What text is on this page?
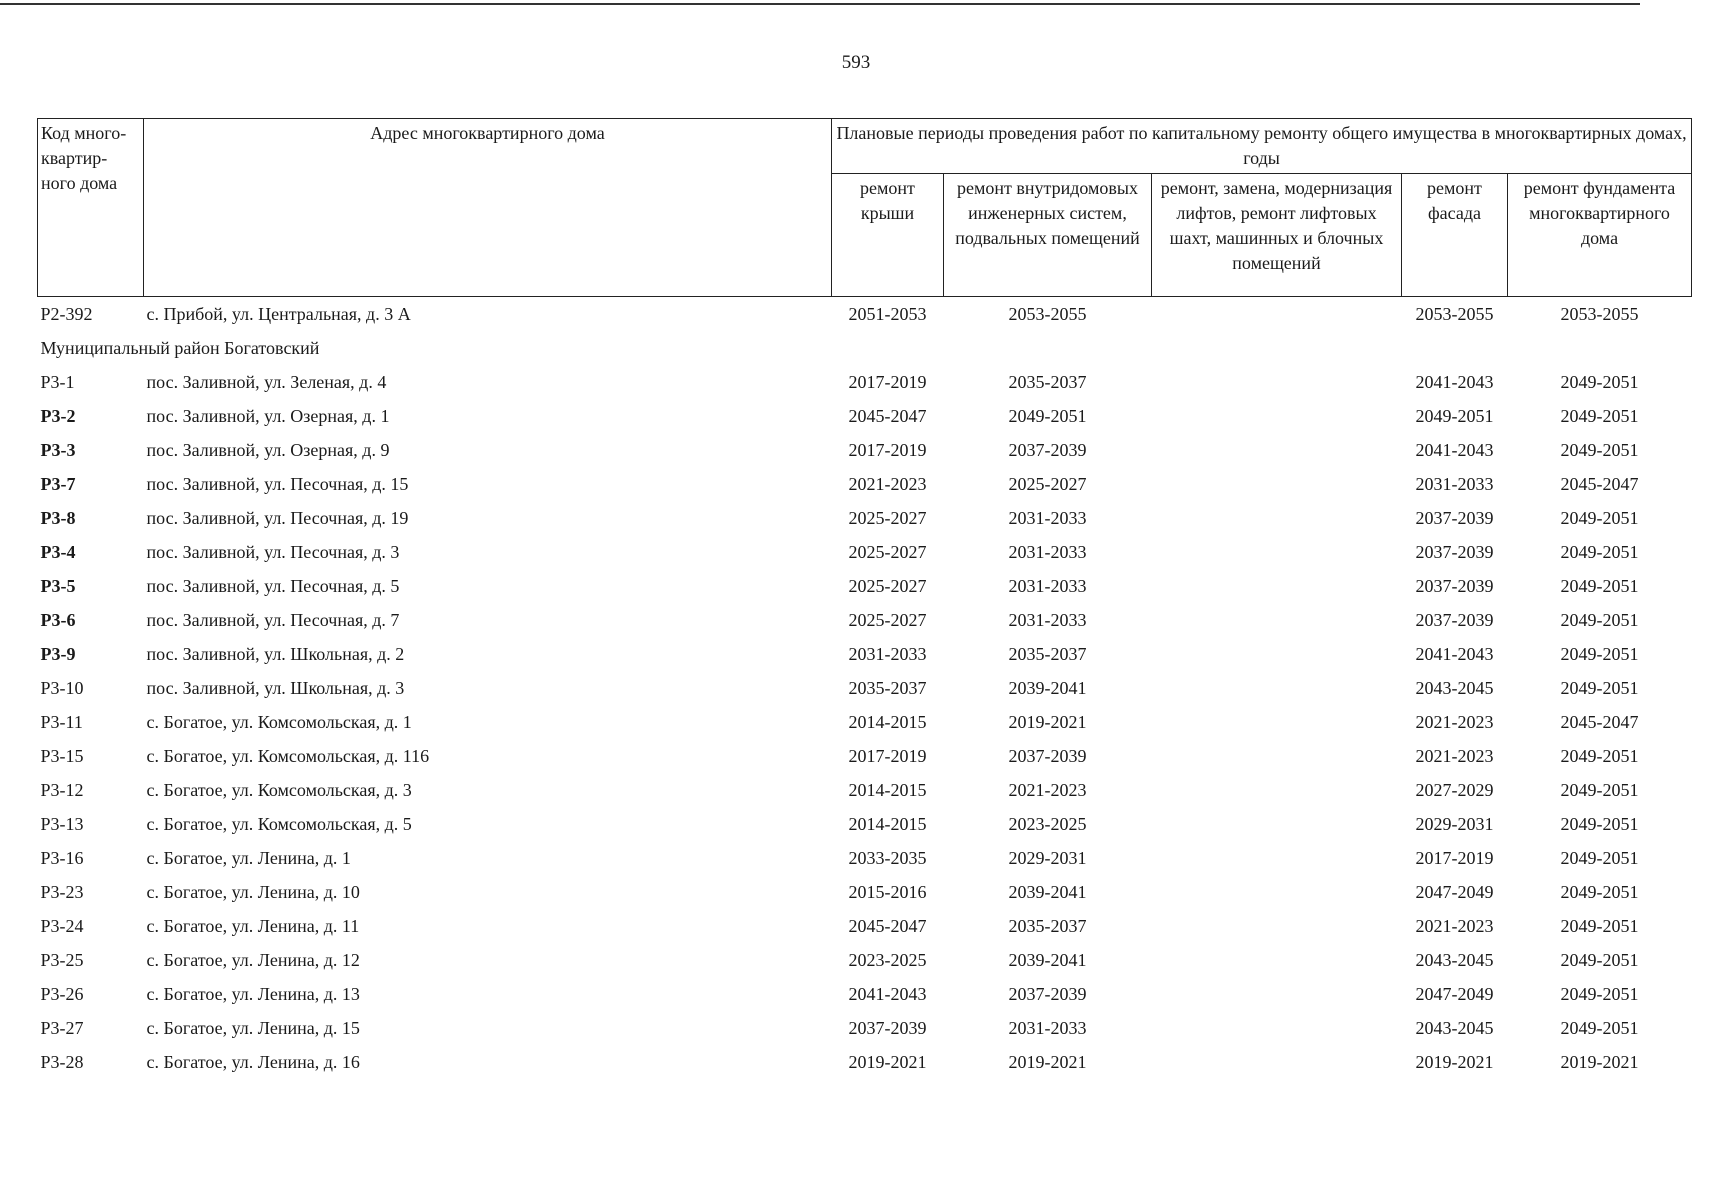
593
Код много-квартир-ного дома	Адрес многоквартирного дома	Плановые периоды проведения работ по капитальному ремонту общего имущества в многоквартирных домах, годы				
		ремонт крыши	ремонт внутридомовых инженерных систем, подвальных помещений	ремонт, замена, модернизация лифтов, ремонт лифтовых шахт, машинных и блочных помещений	ремонт фасада	ремонт фундамента многоквартирного дома
Р2-392	с. Прибой, ул. Центральная, д. 3 А	2051-2053	2053-2055		2053-2055	2053-2055
Муниципальный район Богатовский						
Р3-1	пос. Заливной, ул. Зеленая, д. 4	2017-2019	2035-2037		2041-2043	2049-2051
Р3-2	пос. Заливной, ул. Озерная, д. 1	2045-2047	2049-2051		2049-2051	2049-2051
Р3-3	пос. Заливной, ул. Озерная, д. 9	2017-2019	2037-2039		2041-2043	2049-2051
Р3-7	пос. Заливной, ул. Песочная, д. 15	2021-2023	2025-2027		2031-2033	2045-2047
Р3-8	пос. Заливной, ул. Песочная, д. 19	2025-2027	2031-2033		2037-2039	2049-2051
Р3-4	пос. Заливной, ул. Песочная, д. 3	2025-2027	2031-2033		2037-2039	2049-2051
Р3-5	пос. Заливной, ул. Песочная, д. 5	2025-2027	2031-2033		2037-2039	2049-2051
Р3-6	пос. Заливной, ул. Песочная, д. 7	2025-2027	2031-2033		2037-2039	2049-2051
Р3-9	пос. Заливной, ул. Школьная, д. 2	2031-2033	2035-2037		2041-2043	2049-2051
Р3-10	пос. Заливной, ул. Школьная, д. 3	2035-2037	2039-2041		2043-2045	2049-2051
Р3-11	с. Богатое, ул. Комсомольская, д. 1	2014-2015	2019-2021		2021-2023	2045-2047
Р3-15	с. Богатое, ул. Комсомольская, д. 116	2017-2019	2037-2039		2021-2023	2049-2051
Р3-12	с. Богатое, ул. Комсомольская, д. 3	2014-2015	2021-2023		2027-2029	2049-2051
Р3-13	с. Богатое, ул. Комсомольская, д. 5	2014-2015	2023-2025		2029-2031	2049-2051
Р3-16	с. Богатое, ул. Ленина, д. 1	2033-2035	2029-2031		2017-2019	2049-2051
Р3-23	с. Богатое, ул. Ленина, д. 10	2015-2016	2039-2041		2047-2049	2049-2051
Р3-24	с. Богатое, ул. Ленина, д. 11	2045-2047	2035-2037		2021-2023	2049-2051
Р3-25	с. Богатое, ул. Ленина, д. 12	2023-2025	2039-2041		2043-2045	2049-2051
Р3-26	с. Богатое, ул. Ленина, д. 13	2041-2043	2037-2039		2047-2049	2049-2051
Р3-27	с. Богатое, ул. Ленина, д. 15	2037-2039	2031-2033		2043-2045	2049-2051
Р3-28	с. Богатое, ул. Ленина, д. 16	2019-2021	2019-2021		2019-2021	2019-2021
